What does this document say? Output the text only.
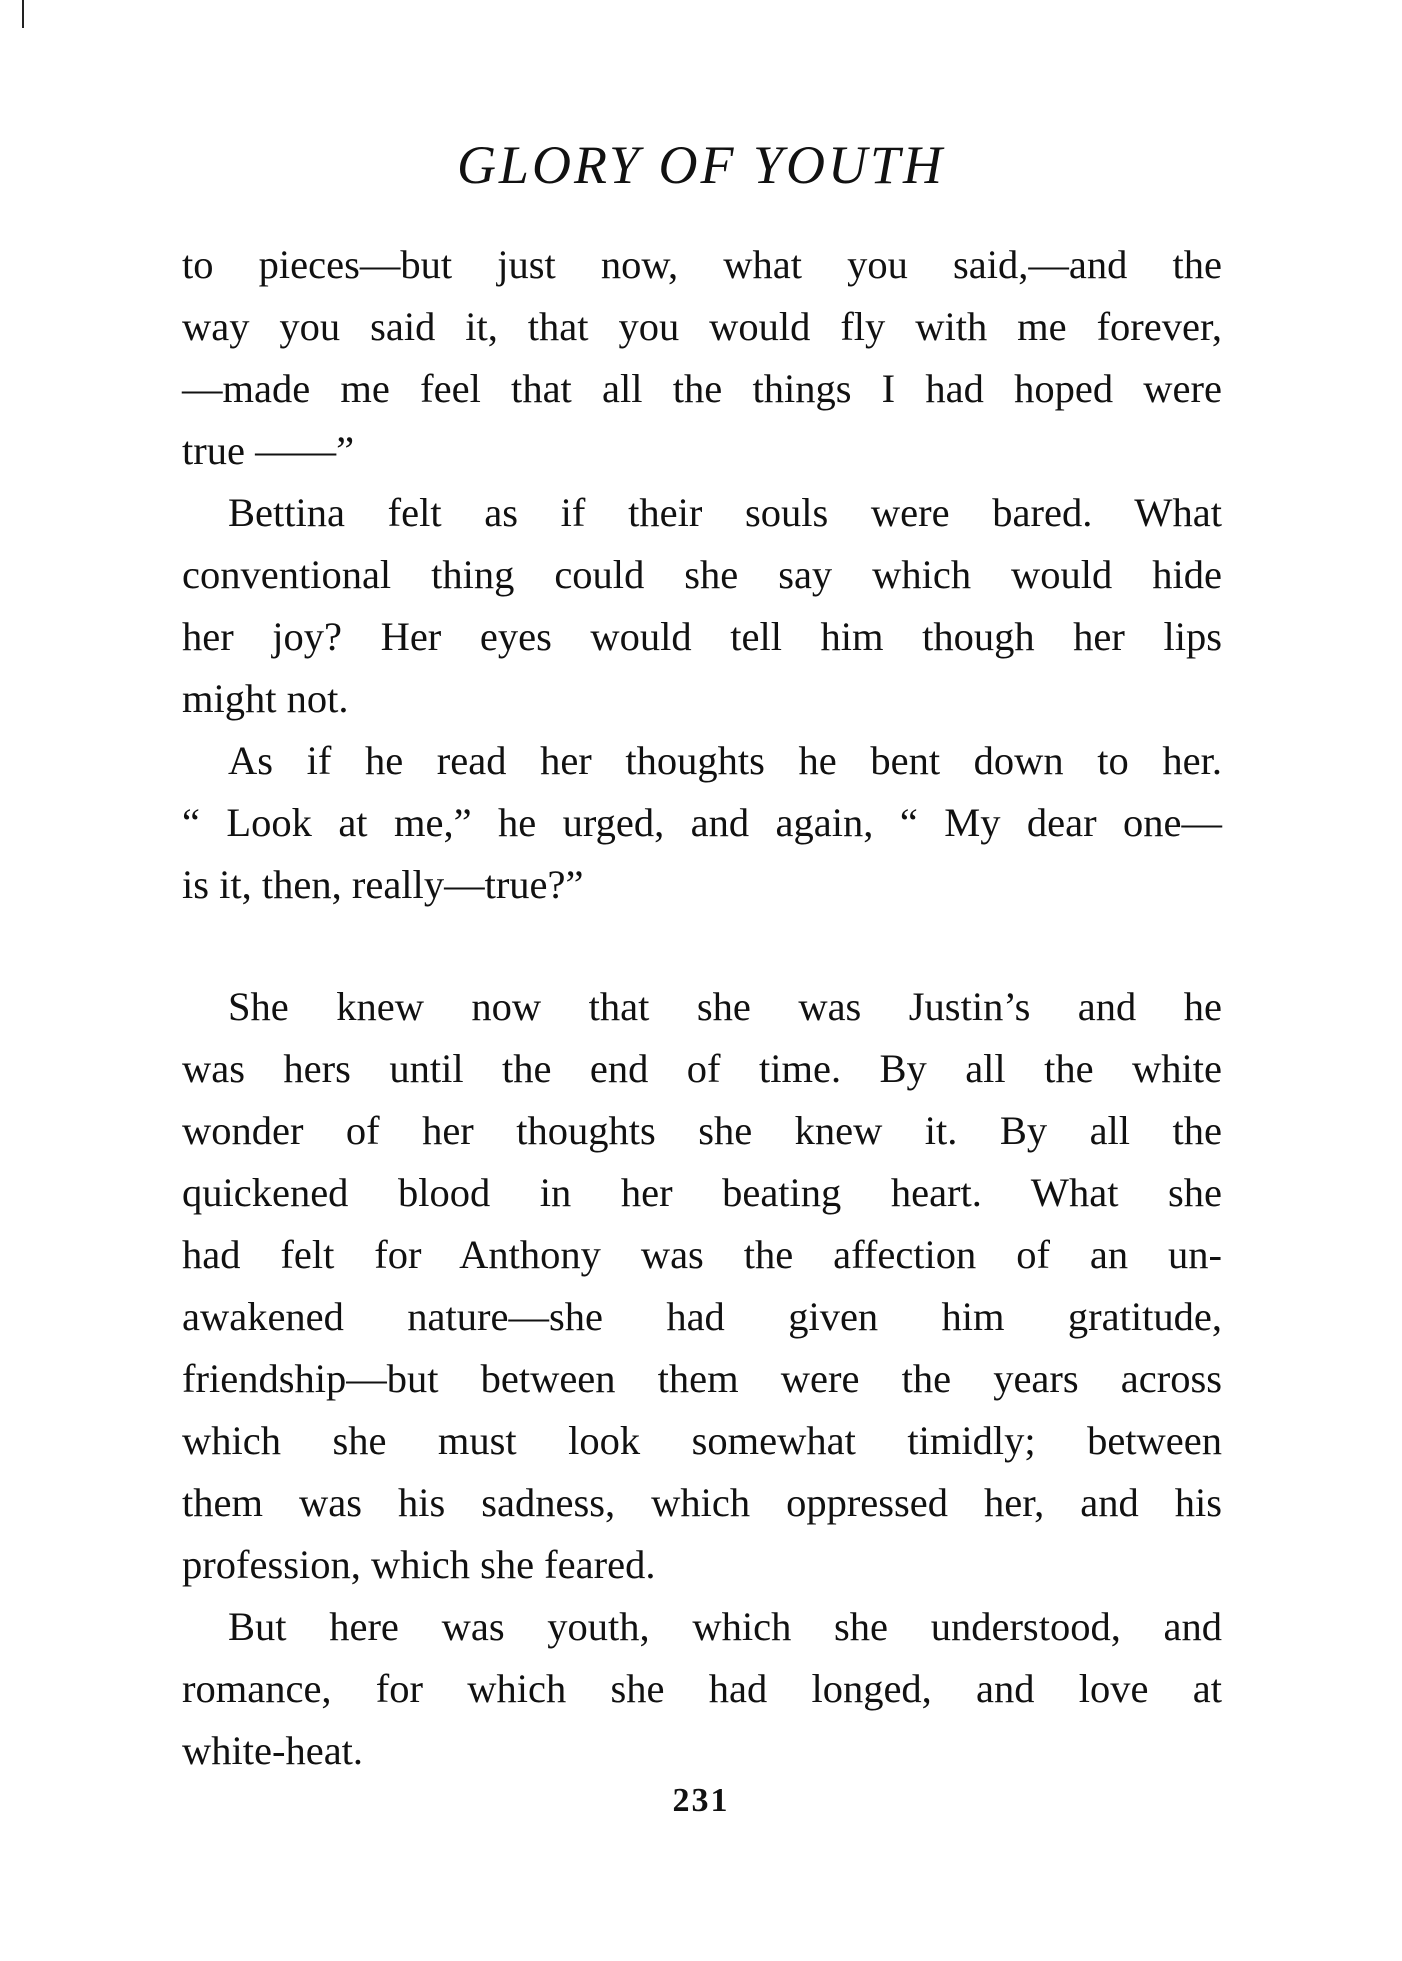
GLORY OF YOUTH
to pieces—but just now, what you said,—and the
way you said it, that you would fly with me forever,
—made me feel that all the things I had hoped were
true ——”
Bettina felt as if their souls were bared. What
conventional thing could she say which would hide
her joy? Her eyes would tell him though her lips
might not.
As if he read her thoughts he bent down to her.
“ Look at me,” he urged, and again, “ My dear one—
is it, then, really—true?”
She knew now that she was Justin’s and he
was hers until the end of time. By all the white
wonder of her thoughts she knew it. By all the
quickened blood in her beating heart. What she
had felt for Anthony was the affection of an un-
awakened nature—she had given him gratitude,
friendship—but between them were the years across
which she must look somewhat timidly; between
them was his sadness, which oppressed her, and his
profession, which she feared.
But here was youth, which she understood, and
romance, for which she had longed, and love at
white-heat.

231
